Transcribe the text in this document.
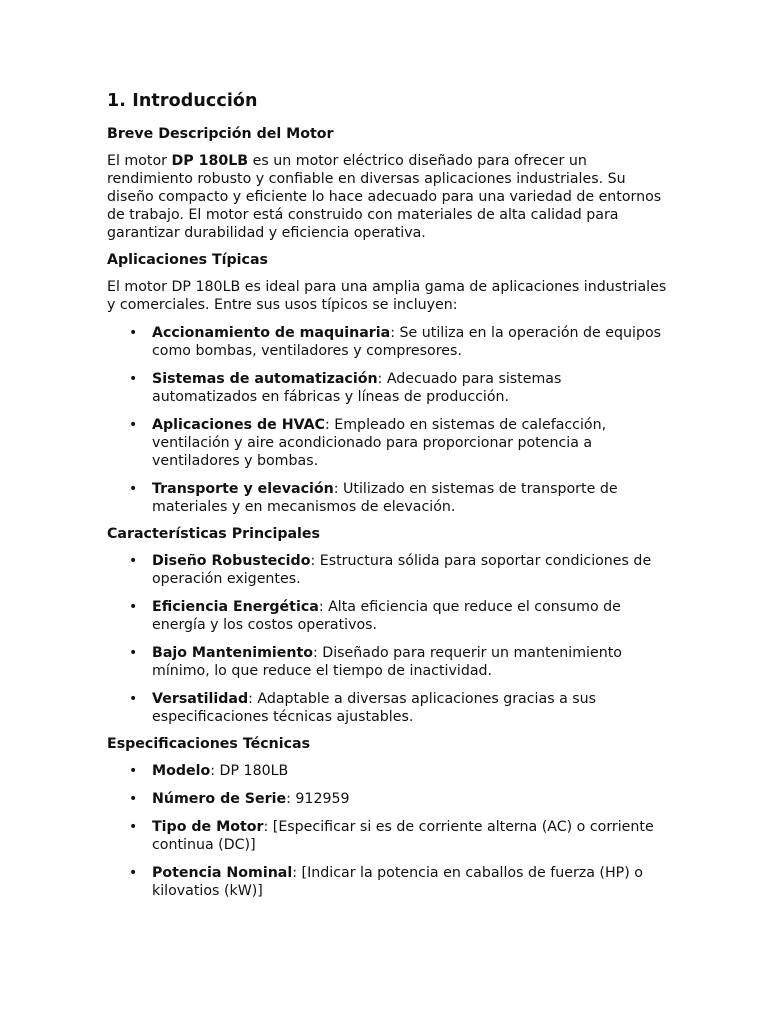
1. Introducción
Breve Descripción del Motor

El motor DP 180LB es un motor eléctrico diseñado para ofrecer un rendimiento robusto y confiable en diversas aplicaciones industriales. Su diseño compacto y eficiente lo hace adecuado para una variedad de entornos de trabajo. El motor está construido con materiales de alta calidad para garantizar durabilidad y eficiencia operativa.

Aplicaciones Típicas

El motor DP 180LB es ideal para una amplia gama de aplicaciones industriales y comerciales. Entre sus usos típicos se incluyen:

• Accionamiento de maquinaria: Se utiliza en la operación de equipos como bombas, ventiladores y compresores.
• Sistemas de automatización: Adecuado para sistemas automatizados en fábricas y líneas de producción.
• Aplicaciones de HVAC: Empleado en sistemas de calefacción, ventilación y aire acondicionado para proporcionar potencia a ventiladores y bombas.
• Transporte y elevación: Utilizado en sistemas de transporte de materiales y en mecanismos de elevación.
Características Principales
• Diseño Robustecido: Estructura sólida para soportar condiciones de operación exigentes.
• Eficiencia Energética: Alta eficiencia que reduce el consumo de energía y los costos operativos.
• Bajo Mantenimiento: Diseñado para requerir un mantenimiento mínimo, lo que reduce el tiempo de inactividad.
• Versatilidad: Adaptable a diversas aplicaciones gracias a sus especificaciones técnicas ajustables.
Especificaciones Técnicas
• Modelo: DP 180LB
• Número de Serie: 912959
• Tipo de Motor: [Especificar si es de corriente alterna (AC) o corriente continua (DC)]
• Potencia Nominal: [Indicar la potencia en caballos de fuerza (HP) o kilovatios (kW)]
